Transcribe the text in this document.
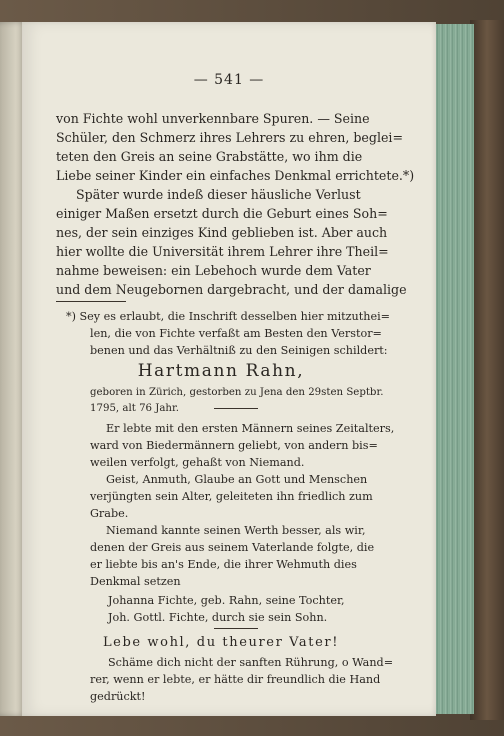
— 541 —
von Fichte wohl unverkennbare Spuren. — Seine
Schüler, den Schmerz ihres Lehrers zu ehren, beglei=
teten den Greis an seine Grabstätte, wo ihm die
Liebe seiner Kinder ein einfaches Denkmal errichtete.*)
Später wurde indeß dieser häusliche Verlust
einiger Maßen ersetzt durch die Geburt eines Soh=
nes, der sein einziges Kind geblieben ist. Aber auch
hier wollte die Universität ihrem Lehrer ihre Theil=
nahme beweisen: ein Lebehoch wurde dem Vater
und dem Neugebornen dargebracht, und der damalige
*) Sey es erlaubt, die Inschrift desselben hier mitzuthei=
len, die von Fichte verfaßt am Besten den Verstor=
benen und das Verhältniß zu den Seinigen schildert:
Hartmann Rahn,
geboren in Zürich, gestorben zu Jena den 29sten Septbr.
1795, alt 76 Jahr.
Er lebte mit den ersten Männern seines Zeitalters,
ward von Biedermännern geliebt, von andern bis=
weilen verfolgt, gehaßt von Niemand.
Geist, Anmuth, Glaube an Gott und Menschen
verjüngten sein Alter, geleiteten ihn friedlich zum
Grabe.
Niemand kannte seinen Werth besser, als wir,
denen der Greis aus seinem Vaterlande folgte, die
er liebte bis an's Ende, die ihrer Wehmuth dies
Denkmal setzen
Johanna Fichte, geb. Rahn, seine Tochter,
Joh. Gottl. Fichte, durch sie sein Sohn.
Lebe wohl, du theurer Vater!
Schäme dich nicht der sanften Rührung, o Wand=
rer, wenn er lebte, er hätte dir freundlich die Hand
gedrückt!
